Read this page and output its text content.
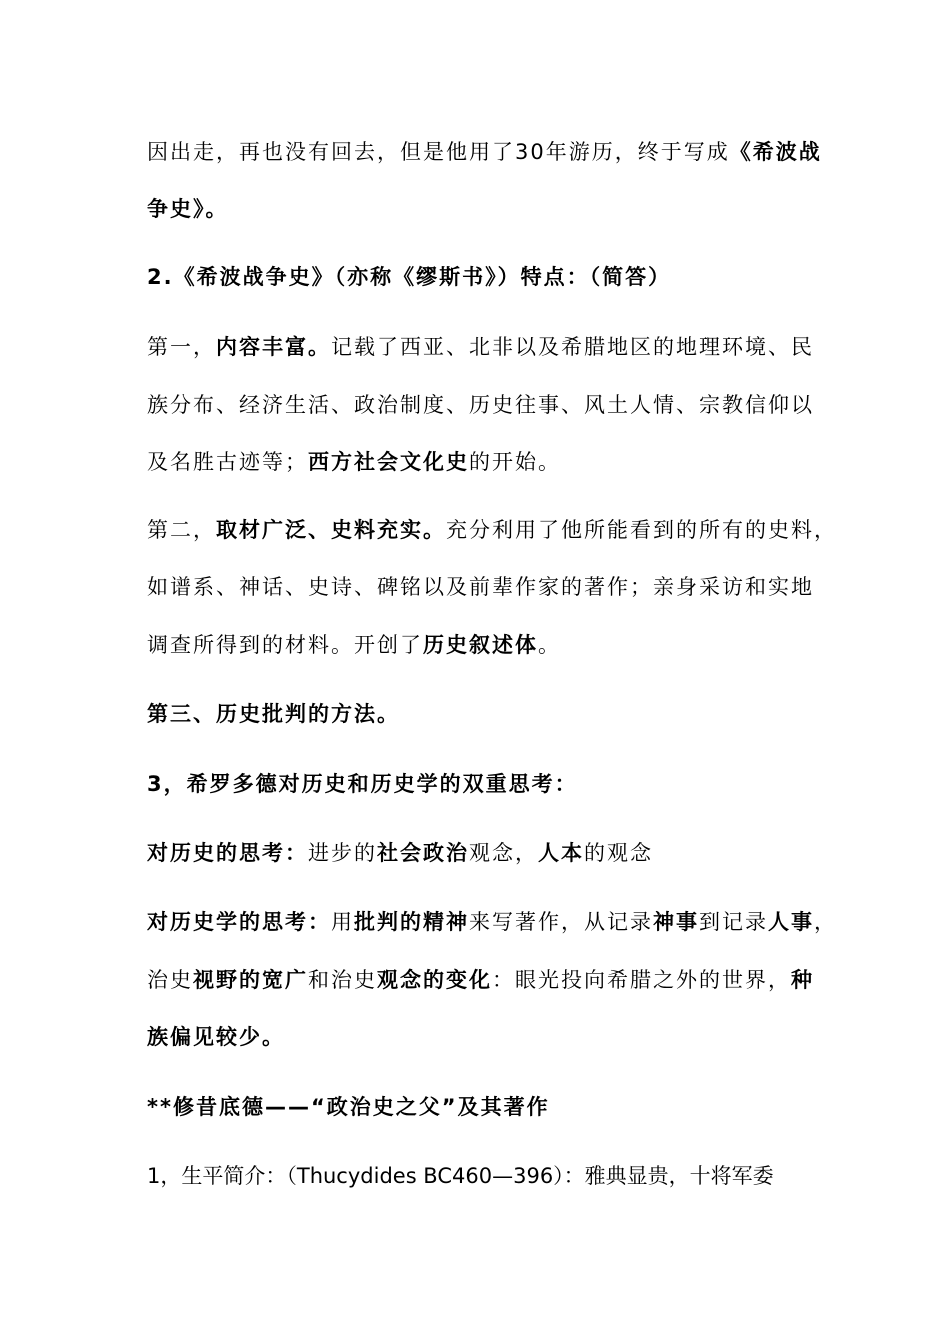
因出走，再也没有回去，但是他用了30年游历，终于写成《希波战
争史》。
2.《希波战争史》（亦称《缪斯书》）特点：（简答）
第一，内容丰富。记载了西亚、北非以及希腊地区的地理环境、民
族分布、经济生活、政治制度、历史往事、风土人情、宗教信仰以
及名胜古迹等；西方社会文化史的开始。
第二，取材广泛、史料充实。充分利用了他所能看到的所有的史料，
如谱系、神话、史诗、碑铭以及前辈作家的著作；亲身采访和实地
调查所得到的材料。开创了历史叙述体。
第三、历史批判的方法。
3，希罗多德对历史和历史学的双重思考：
对历史的思考：进步的社会政治观念，人本的观念
对历史学的思考：用批判的精神来写著作，从记录神事到记录人事，
治史视野的宽广和治史观念的变化：眼光投向希腊之外的世界，种
族偏见较少。
**修昔底德——“政治史之父”及其著作
1，生平简介：（Thucydides BC460—396）：雅典显贵，十将军委
